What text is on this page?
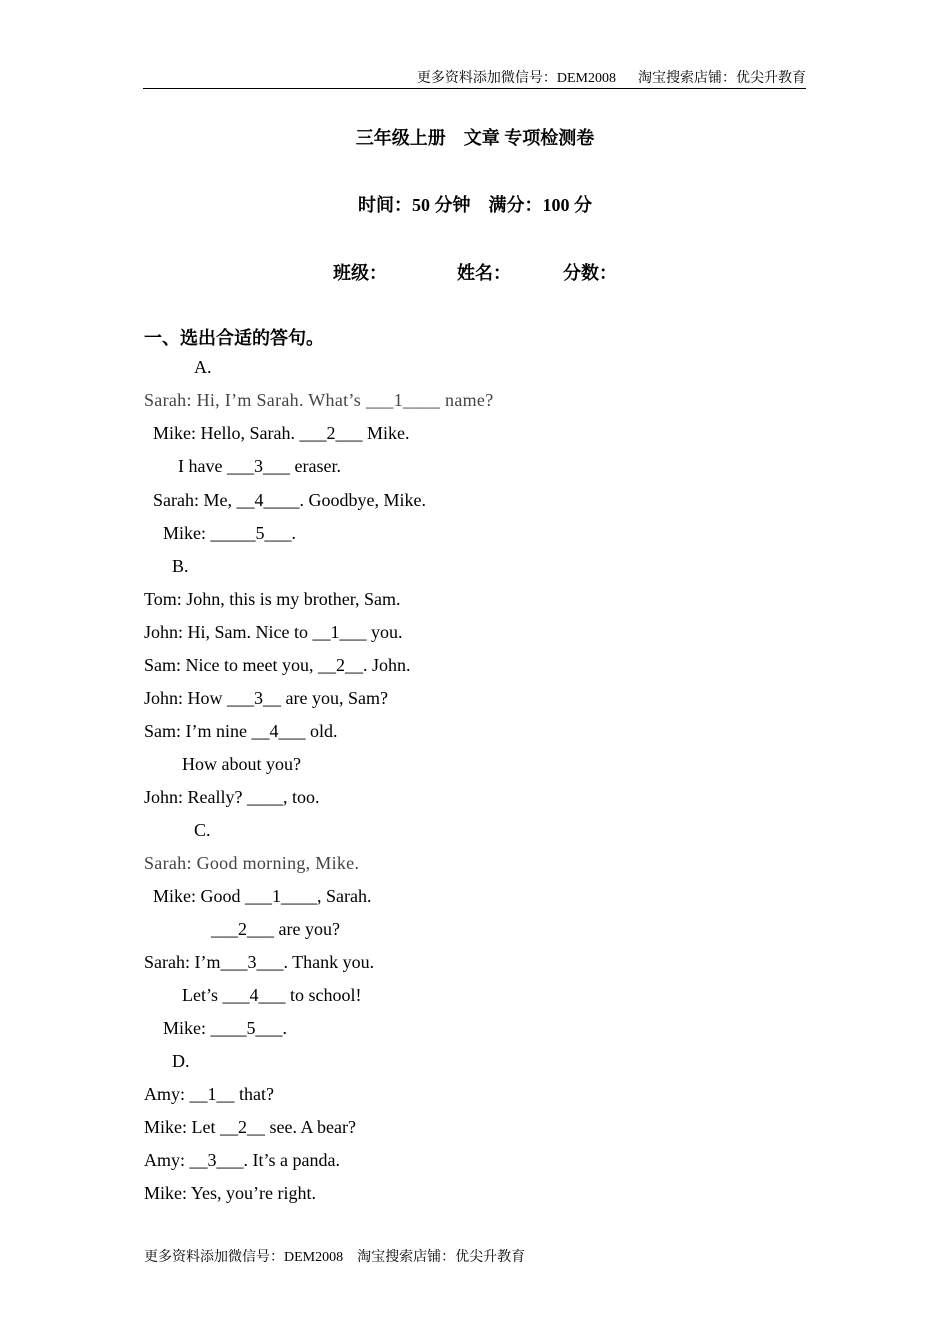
更多资料添加微信号：DEM2008 淘宝搜索店铺：优尖升教育
三年级上册　文章 专项检测卷
时间：50 分钟　满分：100 分
班级：	姓名：	分数：
一、选出合适的答句。
A.
Sarah: Hi, I’m Sarah. What’s ___1____ name?
Mike: Hello, Sarah. ___2___ Mike.
I have ___3___ eraser.
Sarah: Me, __4____. Goodbye, Mike.
Mike: _____5___.
B.
Tom: John, this is my brother, Sam.
John: Hi, Sam. Nice to __1___ you.
Sam: Nice to meet you, __2__. John.
John: How ___3__ are you, Sam?
Sam: I’m nine __4___ old.
How about you?
John: Really? ____, too.
C.
Sarah: Good morning, Mike.
Mike: Good ___1____, Sarah.
___2___ are you?
Sarah: I’m___3___. Thank you.
Let’s ___4___ to school!
Mike: ____5___.
D.
Amy: __1__ that?
Mike: Let __2__ see. A bear?
Amy: __3___. It’s a panda.
Mike: Yes, you’re right.
更多资料添加微信号：DEM2008 淘宝搜索店铺：优尖升教育
